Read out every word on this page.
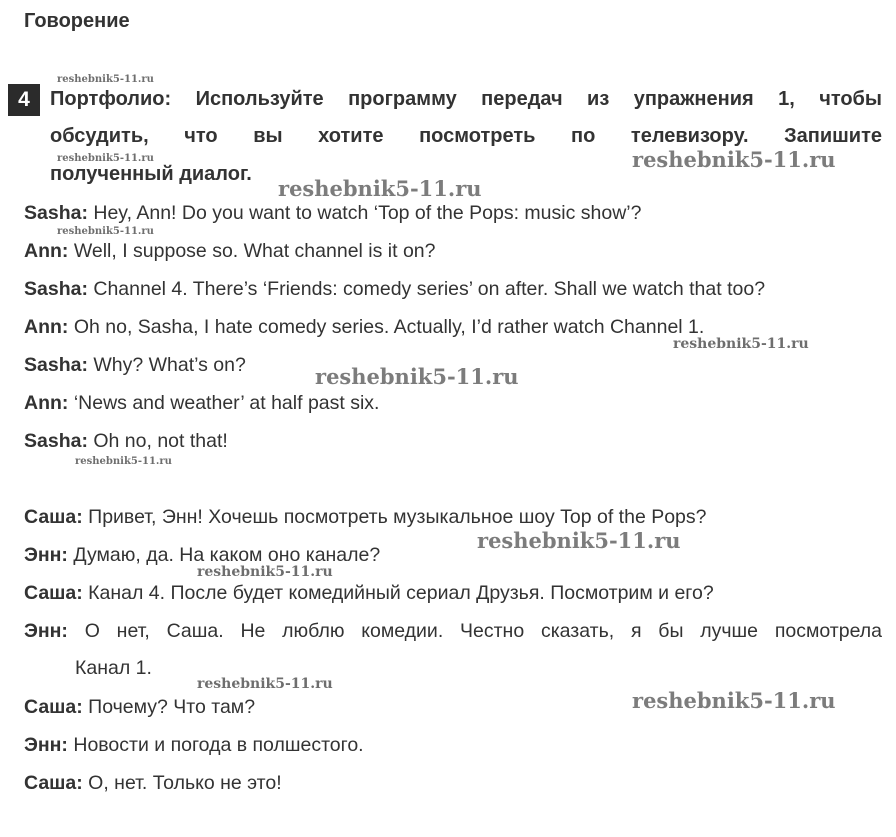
Говорение
4	Портфолио: Используйте программу передач из упражнения 1, чтобы
обсудить, что вы хотите посмотреть по телевизору. Запишите
полученный диалог.
Sasha: Hey, Ann! Do you want to watch ‘Top of the Pops: music show’?
Ann: Well, I suppose so. What channel is it on?
Sasha: Channel 4. There’s ‘Friends: comedy series’ on after. Shall we watch that too?
Ann: Oh no, Sasha, I hate comedy series. Actually, I’d rather watch Channel 1.
Sasha: Why? What’s on?
Ann: ‘News and weather’ at half past six.
Sasha: Oh no, not that!
Саша: Привет, Энн! Хочешь посмотреть музыкальное шоу Top of the Pops?
Энн: Думаю, да. На каком оно канале?
Саша: Канал 4. После будет комедийный сериал Друзья. Посмотрим и его?
Энн: О нет, Саша. Не люблю комедии. Честно сказать, я бы лучше посмотрела
Канал 1.
Саша: Почему? Что там?
Энн: Новости и погода в полшестого.
Саша: О, нет. Только не это!
reshebnik5-11.ru
reshebnik5-11.ru
reshebnik5-11.ru
reshebnik5-11.ru
reshebnik5-11.ru
reshebnik5-11.ru
reshebnik5-11.ru
reshebnik5-11.ru
reshebnik5-11.ru
reshebnik5-11.ru
reshebnik5-11.ru
reshebnik5-11.ru
